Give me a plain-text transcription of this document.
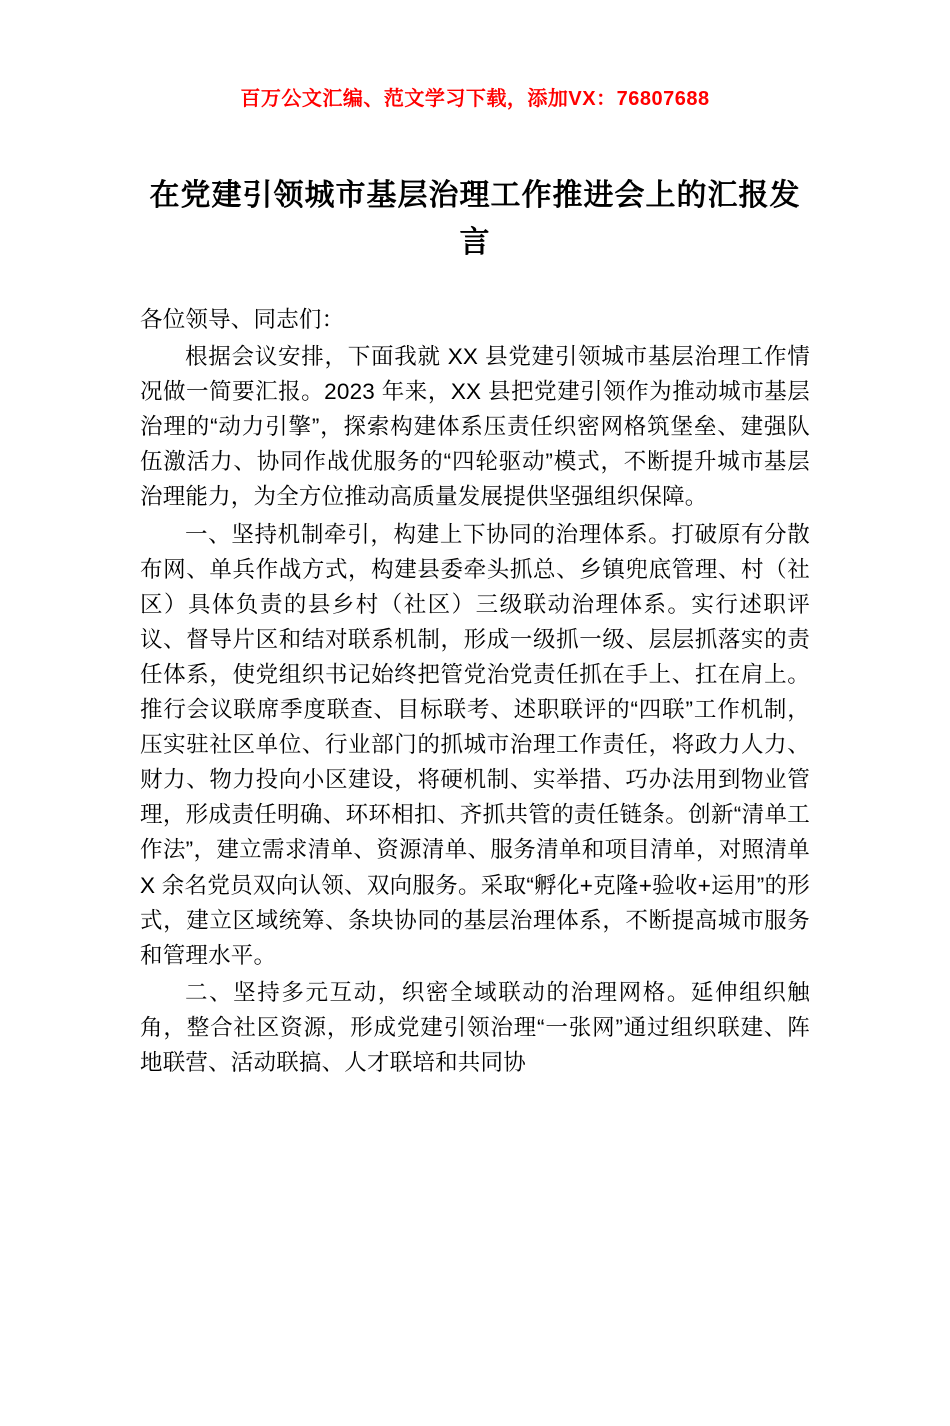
百万公文汇编、范文学习下载，添加VX：76807688
在党建引领城市基层治理工作推进会上的汇报发言

各位领导、同志们：

根据会议安排，下面我就 XX 县党建引领城市基层治理工作情况做一简要汇报。2023 年来，XX 县把党建引领作为推动城市基层治理的“动力引擎”，探索构建体系压责任织密网格筑堡垒、建强队伍激活力、协同作战优服务的“四轮驱动”模式，不断提升城市基层治理能力，为全方位推动高质量发展提供坚强组织保障。

一、坚持机制牵引，构建上下协同的治理体系。打破原有分散布网、单兵作战方式，构建县委牵头抓总、乡镇兜底管理、村（社区）具体负责的县乡村（社区）三级联动治理体系。实行述职评议、督导片区和结对联系机制，形成一级抓一级、层层抓落实的责任体系，使党组织书记始终把管党治党责任抓在手上、扛在肩上。推行会议联席季度联查、目标联考、述职联评的“四联”工作机制，压实驻社区单位、行业部门的抓城市治理工作责任，将政力人力、财力、物力投向小区建设，将硬机制、实举措、巧办法用到物业管理，形成责任明确、环环相扣、齐抓共管的责任链条。创新“清单工作法”，建立需求清单、资源清单、服务清单和项目清单，对照清单 X 余名党员双向认领、双向服务。采取“孵化+克隆+验收+运用”的形式，建立区域统筹、条块协同的基层治理体系，不断提高城市服务和管理水平。

二、坚持多元互动，织密全域联动的治理网格。延伸组织触角，整合社区资源，形成党建引领治理“一张网”通过组织联建、阵地联营、活动联搞、人才联培和共同协
